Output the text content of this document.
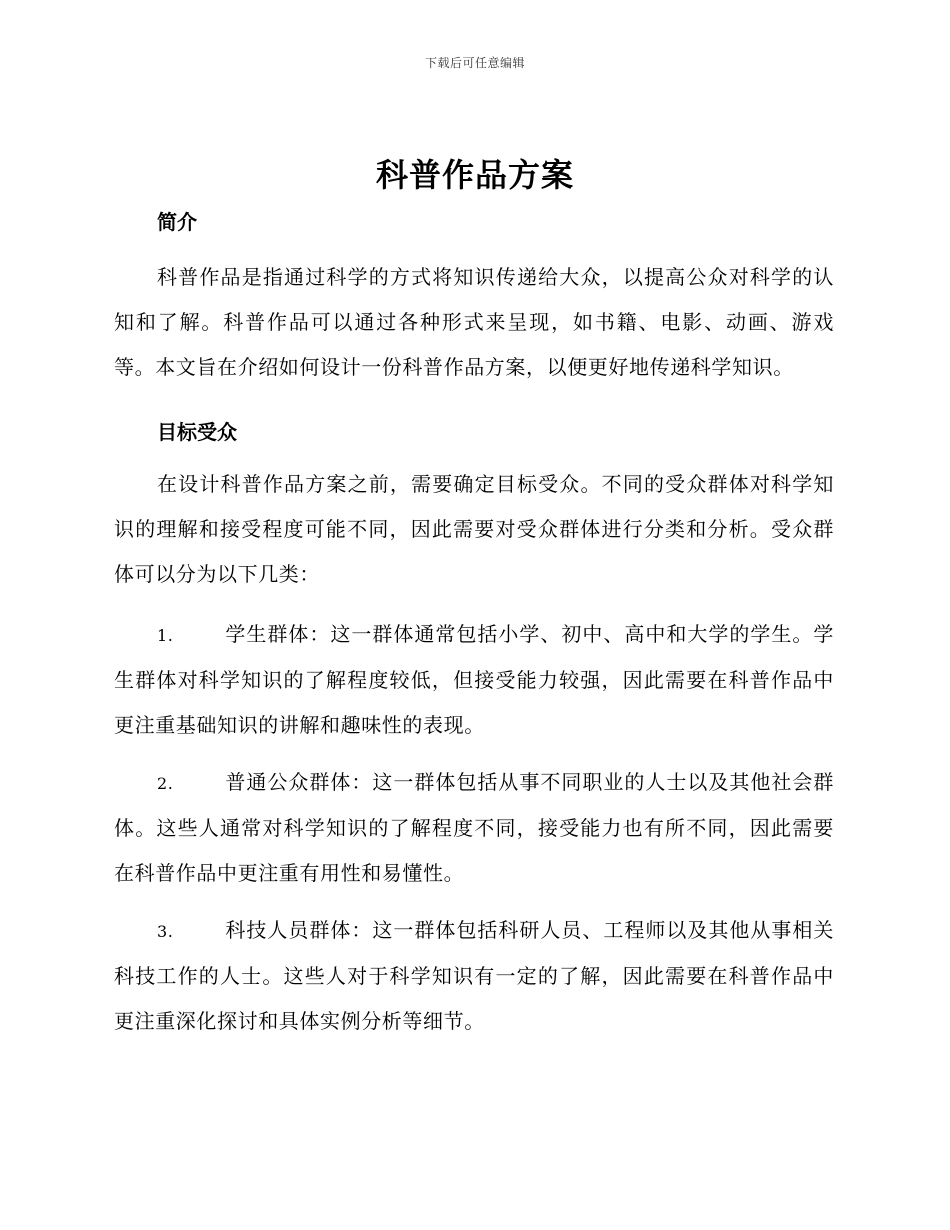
下载后可任意编辑
科普作品方案
简介

科普作品是指通过科学的方式将知识传递给大众，以提高公众对科学的认知和了解。科普作品可以通过各种形式来呈现，如书籍、电影、动画、游戏等。本文旨在介绍如何设计一份科普作品方案，以便更好地传递科学知识。

目标受众

在设计科普作品方案之前，需要确定目标受众。不同的受众群体对科学知识的理解和接受程度可能不同，因此需要对受众群体进行分类和分析。受众群体可以分为以下几类：

1.	学生群体：这一群体通常包括小学、初中、高中和大学的学生。学生群体对科学知识的了解程度较低，但接受能力较强，因此需要在科普作品中更注重基础知识的讲解和趣味性的表现。

2.	普通公众群体：这一群体包括从事不同职业的人士以及其他社会群体。这些人通常对科学知识的了解程度不同，接受能力也有所不同，因此需要在科普作品中更注重有用性和易懂性。

3.	科技人员群体：这一群体包括科研人员、工程师以及其他从事相关科技工作的人士。这些人对于科学知识有一定的了解，因此需要在科普作品中更注重深化探讨和具体实例分析等细节。
